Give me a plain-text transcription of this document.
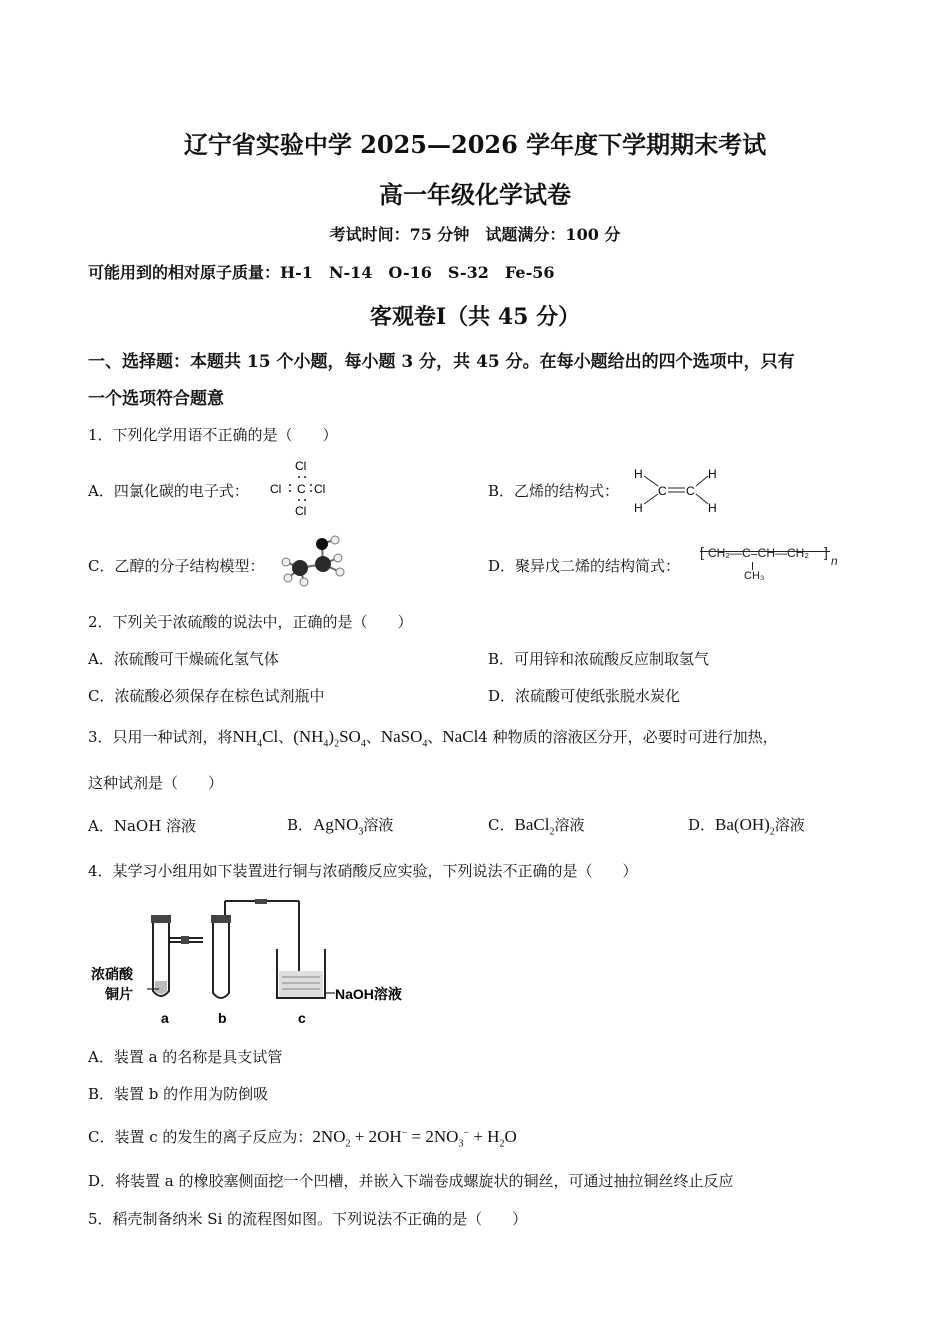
辽宁省实验中学 2025—2026 学年度下学期期末考试
高一年级化学试卷
考试时间：75 分钟　试题满分：100 分
可能用到的相对原子质量：H-1　N-14　O-16　S-32　Fe-56
客观卷I（共 45 分）
一、选择题：本题共 15 个小题，每小题 3 分，共 45 分。在每小题给出的四个选项中，只有
一个选项符合题意
1．下列化学用语不正确的是（　　）
A．四氯化碳的电子式：
Cl
Cl C Cl
Cl
B．乙烯的结构式：
H
H
H
H
C C
C．乙醇的分子结构模型：	D．聚异戊二烯的结构简式：
[ CH₂—C=CH—CH₂ ]
n
CH₃
2．下列关于浓硫酸的说法中，正确的是（　　）
A．浓硫酸可干燥硫化氢气体	B．可用锌和浓硫酸反应制取氢气
C．浓硫酸必须保存在棕色试剂瓶中	D．浓硫酸可使纸张脱水炭化
3．只用一种试剂，将$NH_4Cl$、$(NH_4)_2SO_4$、NaSO$_4$、NaCl4 种物质的溶液区分开，必要时可进行加热，
这种试剂是（　　）
A．NaOH 溶液	B．AgNO$_3$溶液	C．BaCl$_2$溶液	D．$Ba(OH)_2$溶液
4．某学习小组用如下装置进行铜与浓硝酸反应实验，下列说法不正确的是（　　）
浓硝酸
铜片	NaOH溶液
a	b	c
A．装置 a 的名称是具支试管
B．装置 b 的作用为防倒吸
C．装置 c 的发生的离子反应为：$2NO_2 + 2OH^- = 2NO_3^- + H_2O$
D．将装置 a 的橡胶塞侧面挖一个凹槽，并嵌入下端卷成螺旋状的铜丝，可通过抽拉铜丝终止反应
5．稻壳制备纳米 Si 的流程图如图。下列说法不正确的是（　　）
